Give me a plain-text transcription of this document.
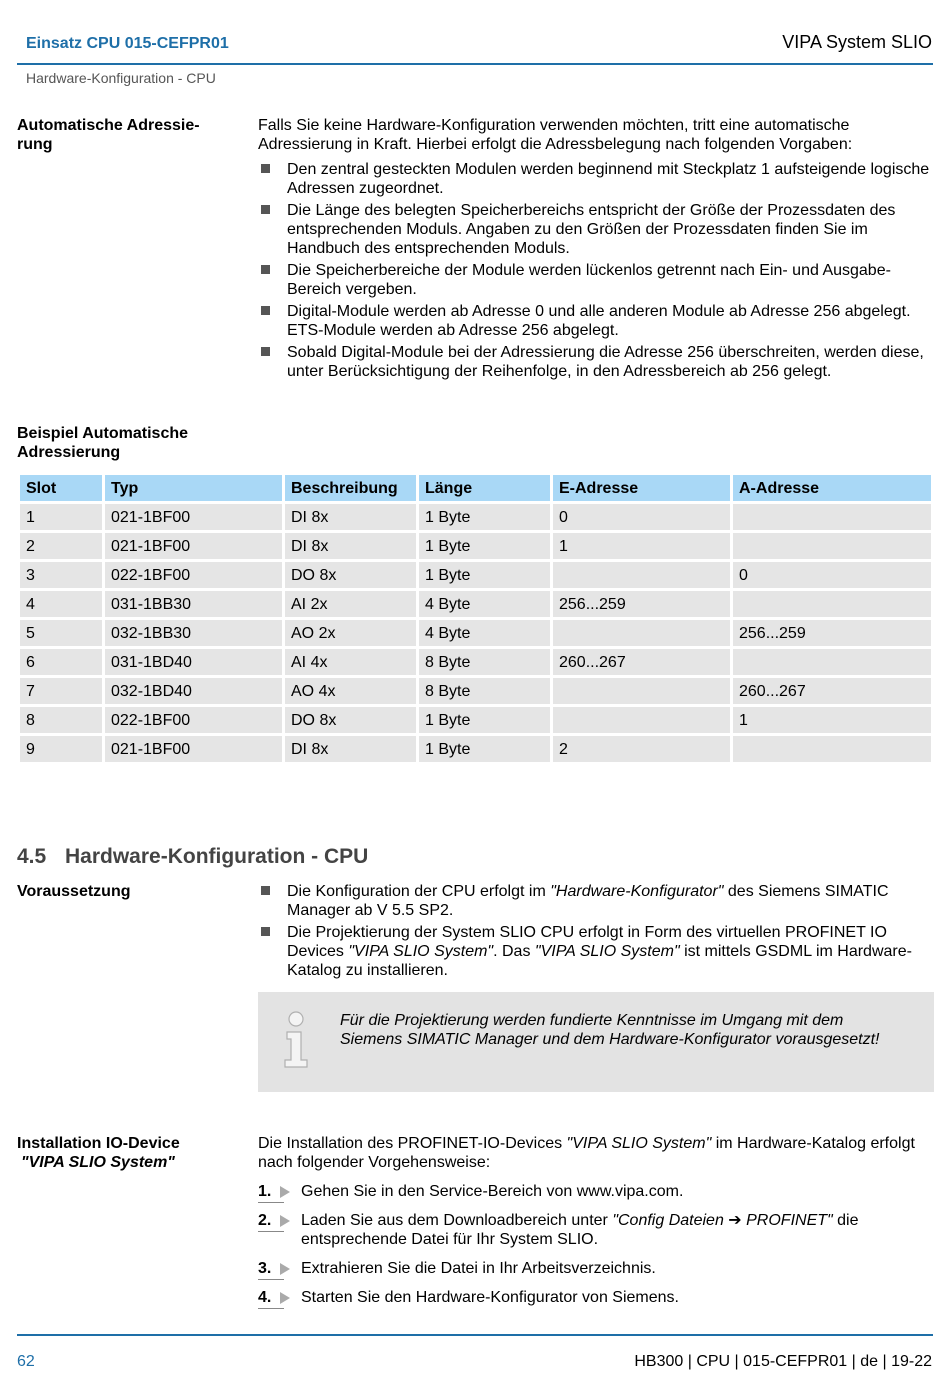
Einsatz CPU 015-CEFPR01	VIPA System SLIO
Hardware-Konfiguration - CPU
Automatische Adressie-
rung

Falls Sie keine Hardware-Konfiguration verwenden möchten, tritt eine automatische Adressierung in Kraft. Hierbei erfolgt die Adressbelegung nach folgenden Vorgaben:

Den zentral gesteckten Modulen werden beginnend mit Steckplatz 1 aufsteigende logische Adressen zugeordnet.
Die Länge des belegten Speicherbereichs entspricht der Größe der Prozessdaten des entsprechenden Moduls. Angaben zu den Größen der Prozessdaten finden Sie im Handbuch des entsprechenden Moduls.
Die Speicherbereiche der Module werden lückenlos getrennt nach Ein- und Ausgabe-Bereich vergeben.
Digital-Module werden ab Adresse 0 und alle anderen Module ab Adresse 256 abgelegt. ETS-Module werden ab Adresse 256 abgelegt.
Sobald Digital-Module bei der Adressierung die Adresse 256 überschreiten, werden diese, unter Berücksichtigung der Reihenfolge, in den Adressbereich ab 256 gelegt.
Beispiel Automatische
Adressierung
Slot	Typ	Beschreibung	Länge	E-Adresse	A-Adresse
1	021-1BF00	DI 8x	1 Byte	0	
2	021-1BF00	DI 8x	1 Byte	1	
3	022-1BF00	DO 8x	1 Byte		0
4	031-1BB30	AI 2x	4 Byte	256...259	
5	032-1BB30	AO 2x	4 Byte		256...259
6	031-1BD40	AI 4x	8 Byte	260...267	
7	032-1BD40	AO 4x	8 Byte		260...267
8	022-1BF00	DO 8x	1 Byte		1
9	021-1BF00	DI 8x	1 Byte	2	
4.5 Hardware-Konfiguration - CPU
Voraussetzung	Die Konfiguration der CPU erfolgt im "Hardware-Konfigurator" des Siemens SIMATIC Manager ab V 5.5 SP2.
Die Projektierung der System SLIO CPU erfolgt in Form des virtuellen PROFINET IO Devices "VIPA SLIO System". Das "VIPA SLIO System" ist mittels GSDML im Hardware-Katalog zu installieren.
Für die Projektierung werden fundierte Kenntnisse im Umgang mit dem Siemens SIMATIC Manager und dem Hardware-Konfigurator vorausgesetzt!
Installation IO-Device
"VIPA SLIO System"

Die Installation des PROFINET-IO-Devices "VIPA SLIO System" im Hardware-Katalog erfolgt nach folgender Vorgehensweise:

1.	Gehen Sie in den Service-Bereich von www.vipa.com.
2.	Laden Sie aus dem Downloadbereich unter "Config Dateien ➔ PROFINET" die entsprechende Datei für Ihr System SLIO.
3.	Extrahieren Sie die Datei in Ihr Arbeitsverzeichnis.
4.	Starten Sie den Hardware-Konfigurator von Siemens.
62	HB300 | CPU | 015-CEFPR01 | de | 19-22
